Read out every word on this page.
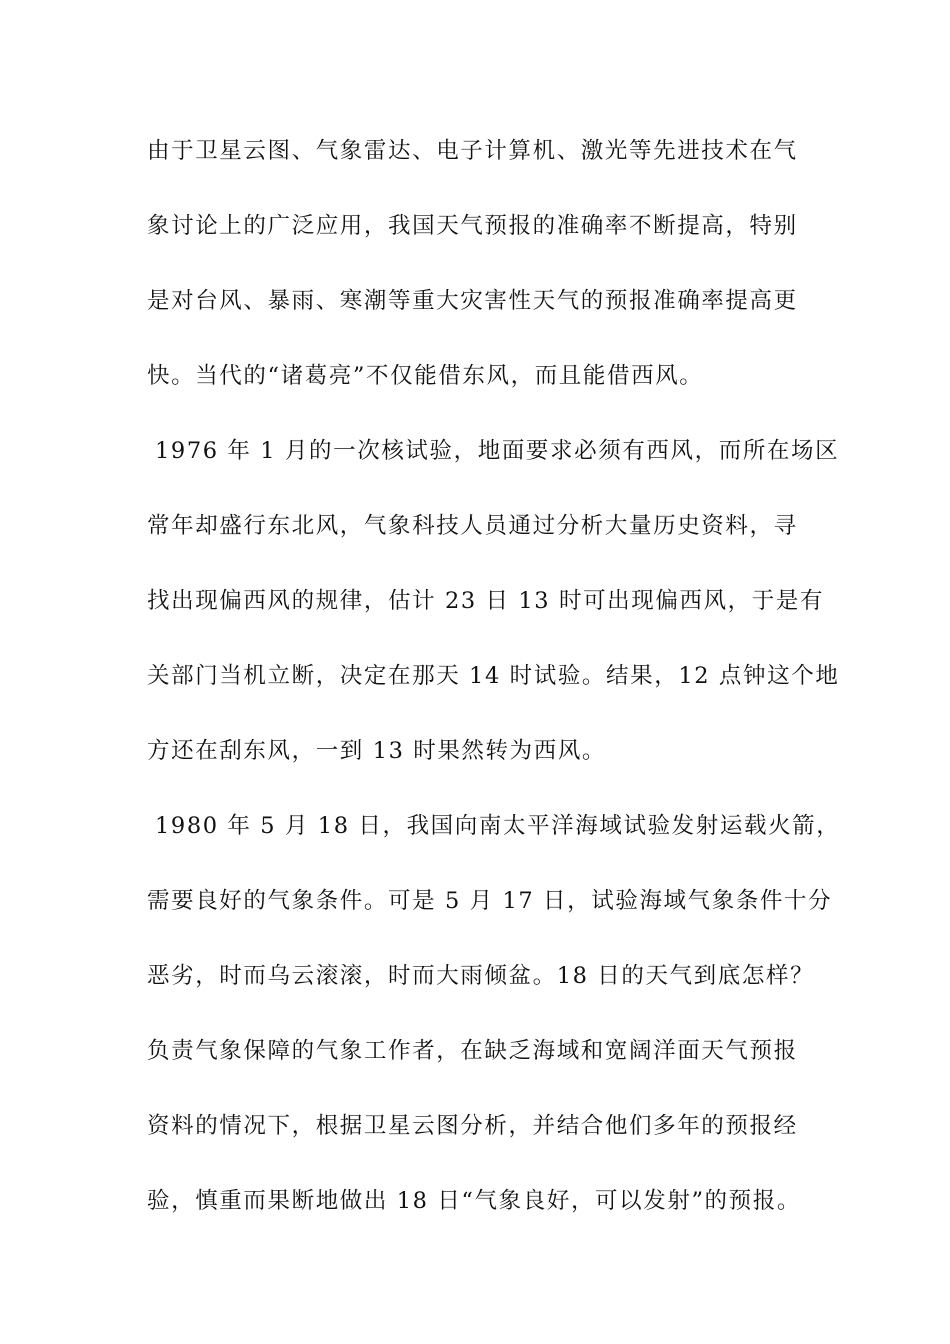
由于卫星云图、气象雷达、电子计算机、激光等先进技术在气
象讨论上的广泛应用，我国天气预报的准确率不断提高，特别
是对台风、暴雨、寒潮等重大灾害性天气的预报准确率提高更
快。当代的“诸葛亮”不仅能借东风，而且能借西风。
1976 年 1 月的一次核试验，地面要求必须有西风，而所在场区
常年却盛行东北风，气象科技人员通过分析大量历史资料，寻
找出现偏西风的规律，估计 23 日 13 时可出现偏西风，于是有
关部门当机立断，决定在那天 14 时试验。结果，12 点钟这个地
方还在刮东风，一到 13 时果然转为西风。
1980 年 5 月 18 日，我国向南太平洋海域试验发射运载火箭，
需要良好的气象条件。可是 5 月 17 日，试验海域气象条件十分
恶劣，时而乌云滚滚，时而大雨倾盆。18 日的天气到底怎样？
负责气象保障的气象工作者，在缺乏海域和宽阔洋面天气预报
资料的情况下，根据卫星云图分析，并结合他们多年的预报经
验，慎重而果断地做出 18 日“气象良好，可以发射”的预报。
